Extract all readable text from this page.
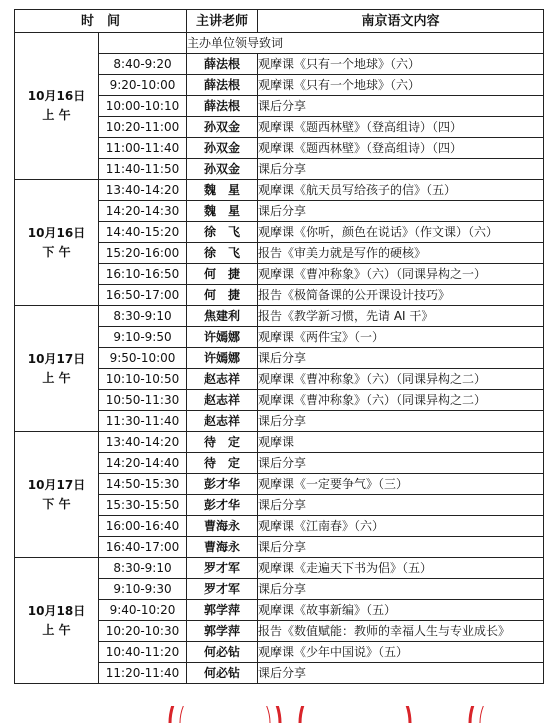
时　间		主讲老师	南京语文内容

10月16日
上 午		主办单位领导致词	
	8:40-9:20	薛法根	观摩课《只有一个地球》（六）
	9:20-10:00	薛法根	观摩课《只有一个地球》（六）
	10:00-10:10	薛法根	课后分享
	10:20-11:00	孙双金	观摩课《题西林壁》（登高组诗）（四）
	11:00-11:40	孙双金	观摩课《题西林壁》（登高组诗）（四）
	11:40-11:50	孙双金	课后分享

10月16日
下 午	13:40-14:20	魏　星	观摩课《航天员写给孩子的信》（五）
	14:20-14:30	魏　星	课后分享
	14:40-15:20	徐　飞	观摩课《你听，颜色在说话》（作文课）（六）
	15:20-16:00	徐　飞	报告《审美力就是写作的硬核》
	16:10-16:50	何　捷	观摩课《曹冲称象》（六）（同课异构之一）
	16:50-17:00	何　捷	报告《极简备课的公开课设计技巧》

10月17日
上 午	8:30-9:10	焦建利	报告《教学新习惯，先请 AI 干》
	9:10-9:50	许嫣娜	观摩课《两件宝》（一）
	9:50-10:00	许嫣娜	课后分享
	10:10-10:50	赵志祥	观摩课《曹冲称象》（六）（同课异构之二）
	10:50-11:30	赵志祥	观摩课《曹冲称象》（六）（同课异构之二）
	11:30-11:40	赵志祥	课后分享

10月17日
下 午	13:40-14:20	待　定	观摩课
	14:20-14:40	待　定	课后分享
	14:50-15:30	彭才华	观摩课《一定要争气》（三）
	15:30-15:50	彭才华	课后分享
	16:00-16:40	曹海永	观摩课《江南春》（六）
	16:40-17:00	曹海永	课后分享

10月18日
上 午	8:30-9:10	罗才军	观摩课《走遍天下书为侣》（五）
	9:10-9:30	罗才军	课后分享
	9:40-10:20	郭学萍	观摩课《故事新编》（五）
	10:20-10:30	郭学萍	报告《数值赋能：教师的幸福人生与专业成长》
	10:40-11:20	何必钻	观摩课《少年中国说》（五）
	11:20-11:40	何必钻	课后分享
